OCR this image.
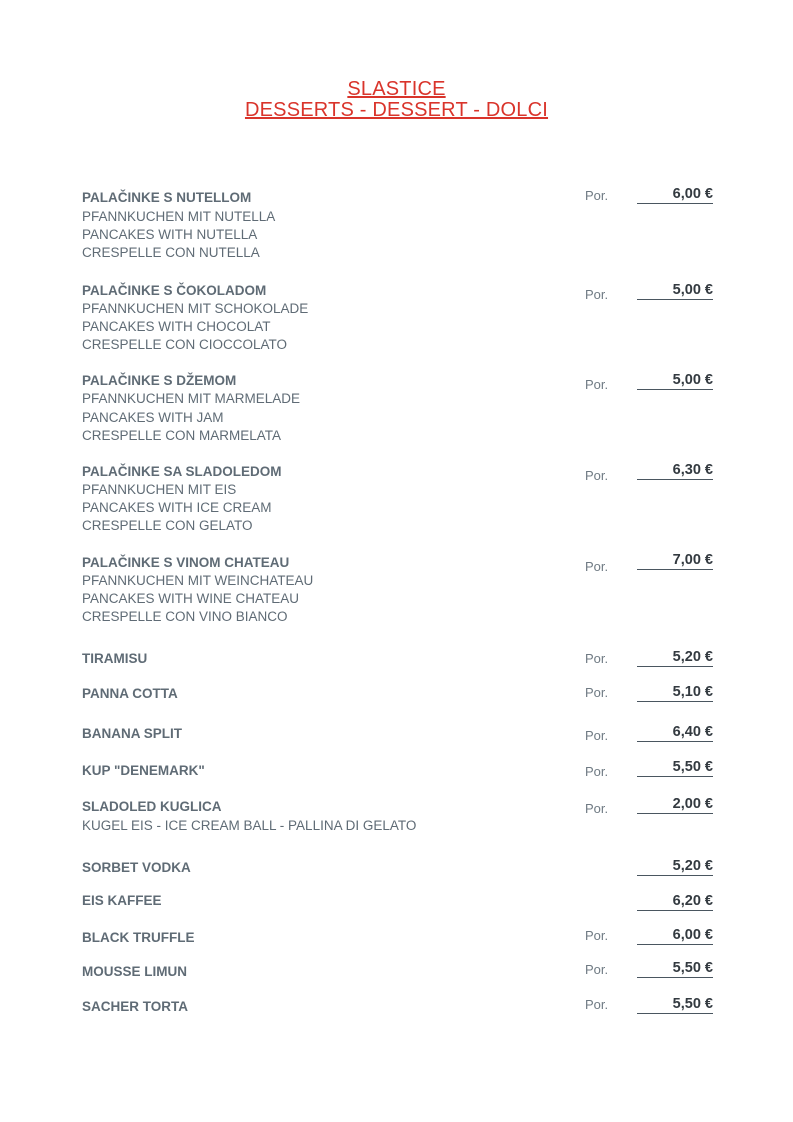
SLASTICE
DESSERTS - DESSERT - DOLCI
PALAČINKE S NUTELLOM
PFANNKUCHEN MIT NUTELLA
PANCAKES WITH NUTELLA
CRESPELLE CON NUTELLA
Por.	6,00 €
PALAČINKE S ČOKOLADOM
PFANNKUCHEN MIT SCHOKOLADE
PANCAKES WITH CHOCOLAT
CRESPELLE CON CIOCCOLATO
Por.	5,00 €
PALAČINKE S DŽEMOM
PFANNKUCHEN MIT MARMELADE
PANCAKES WITH JAM
CRESPELLE CON MARMELATA
Por.	5,00 €
PALAČINKE SA SLADOLEDOM
PFANNKUCHEN MIT EIS
PANCAKES WITH ICE CREAM
CRESPELLE CON GELATO
Por.	6,30 €
PALAČINKE S VINOM CHATEAU
PFANNKUCHEN MIT WEINCHATEAU
PANCAKES WITH WINE CHATEAU
CRESPELLE CON VINO BIANCO
Por.	7,00 €
TIRAMISU	Por.	5,20 €
PANNA COTTA	Por.	5,10 €
BANANA SPLIT	Por.	6,40 €
KUP "DENEMARK"	Por.	5,50 €
SLADOLED KUGLICA
KUGEL EIS - ICE CREAM BALL - PALLINA DI GELATO
Por.	2,00 €
SORBET VODKA	5,20 €
EIS KAFFEE	6,20 €
BLACK TRUFFLE	Por.	6,00 €
MOUSSE LIMUN	Por.	5,50 €
SACHER TORTA	Por.	5,50 €
